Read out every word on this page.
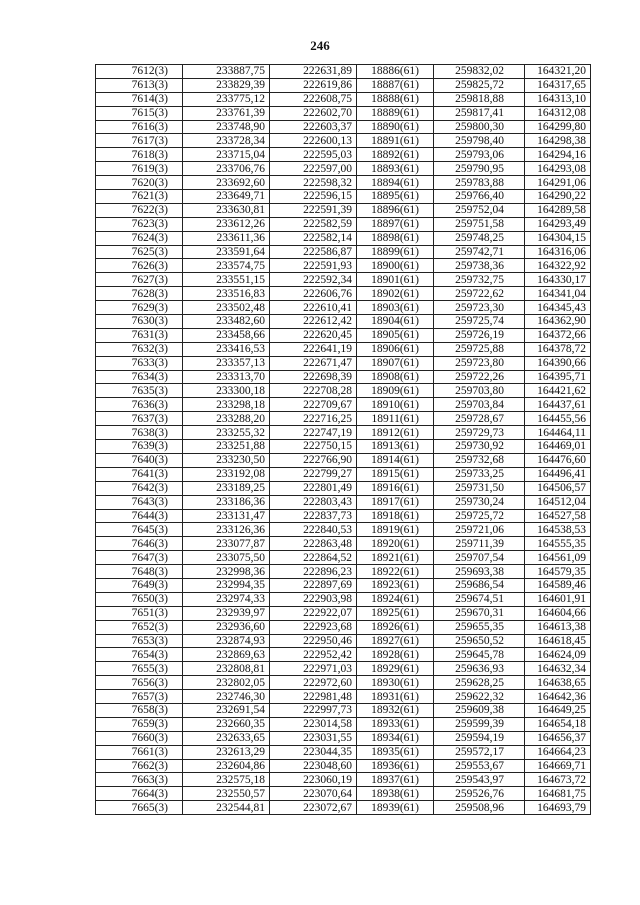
246
7612(3)	233887,75	222631,89	18886(61)	259832,02	164321,20
7613(3)	233829,39	222619,86	18887(61)	259825,72	164317,65
7614(3)	233775,12	222608,75	18888(61)	259818,88	164313,10
7615(3)	233761,39	222602,70	18889(61)	259817,41	164312,08
7616(3)	233748,90	222603,37	18890(61)	259800,30	164299,80
7617(3)	233728,34	222600,13	18891(61)	259798,40	164298,38
7618(3)	233715,04	222595,03	18892(61)	259793,06	164294,16
7619(3)	233706,76	222597,00	18893(61)	259790,95	164293,08
7620(3)	233692,60	222598,32	18894(61)	259783,88	164291,06
7621(3)	233649,71	222596,15	18895(61)	259766,40	164290,22
7622(3)	233630,81	222591,39	18896(61)	259752,04	164289,58
7623(3)	233612,26	222582,59	18897(61)	259751,58	164293,49
7624(3)	233611,36	222582,14	18898(61)	259748,25	164304,15
7625(3)	233591,64	222586,87	18899(61)	259742,71	164316,06
7626(3)	233574,75	222591,93	18900(61)	259738,36	164322,92
7627(3)	233551,15	222592,34	18901(61)	259732,75	164330,17
7628(3)	233516,83	222606,76	18902(61)	259722,62	164341,04
7629(3)	233502,48	222610,41	18903(61)	259723,30	164345,43
7630(3)	233482,60	222612,42	18904(61)	259725,74	164362,90
7631(3)	233458,66	222620,45	18905(61)	259726,19	164372,66
7632(3)	233416,53	222641,19	18906(61)	259725,88	164378,72
7633(3)	233357,13	222671,47	18907(61)	259723,80	164390,66
7634(3)	233313,70	222698,39	18908(61)	259722,26	164395,71
7635(3)	233300,18	222708,28	18909(61)	259703,80	164421,62
7636(3)	233298,18	222709,67	18910(61)	259703,84	164437,61
7637(3)	233288,20	222716,25	18911(61)	259728,67	164455,56
7638(3)	233255,32	222747,19	18912(61)	259729,73	164464,11
7639(3)	233251,88	222750,15	18913(61)	259730,92	164469,01
7640(3)	233230,50	222766,90	18914(61)	259732,68	164476,60
7641(3)	233192,08	222799,27	18915(61)	259733,25	164496,41
7642(3)	233189,25	222801,49	18916(61)	259731,50	164506,57
7643(3)	233186,36	222803,43	18917(61)	259730,24	164512,04
7644(3)	233131,47	222837,73	18918(61)	259725,72	164527,58
7645(3)	233126,36	222840,53	18919(61)	259721,06	164538,53
7646(3)	233077,87	222863,48	18920(61)	259711,39	164555,35
7647(3)	233075,50	222864,52	18921(61)	259707,54	164561,09
7648(3)	232998,36	222896,23	18922(61)	259693,38	164579,35
7649(3)	232994,35	222897,69	18923(61)	259686,54	164589,46
7650(3)	232974,33	222903,98	18924(61)	259674,51	164601,91
7651(3)	232939,97	222922,07	18925(61)	259670,31	164604,66
7652(3)	232936,60	222923,68	18926(61)	259655,35	164613,38
7653(3)	232874,93	222950,46	18927(61)	259650,52	164618,45
7654(3)	232869,63	222952,42	18928(61)	259645,78	164624,09
7655(3)	232808,81	222971,03	18929(61)	259636,93	164632,34
7656(3)	232802,05	222972,60	18930(61)	259628,25	164638,65
7657(3)	232746,30	222981,48	18931(61)	259622,32	164642,36
7658(3)	232691,54	222997,73	18932(61)	259609,38	164649,25
7659(3)	232660,35	223014,58	18933(61)	259599,39	164654,18
7660(3)	232633,65	223031,55	18934(61)	259594,19	164656,37
7661(3)	232613,29	223044,35	18935(61)	259572,17	164664,23
7662(3)	232604,86	223048,60	18936(61)	259553,67	164669,71
7663(3)	232575,18	223060,19	18937(61)	259543,97	164673,72
7664(3)	232550,57	223070,64	18938(61)	259526,76	164681,75
7665(3)	232544,81	223072,67	18939(61)	259508,96	164693,79
